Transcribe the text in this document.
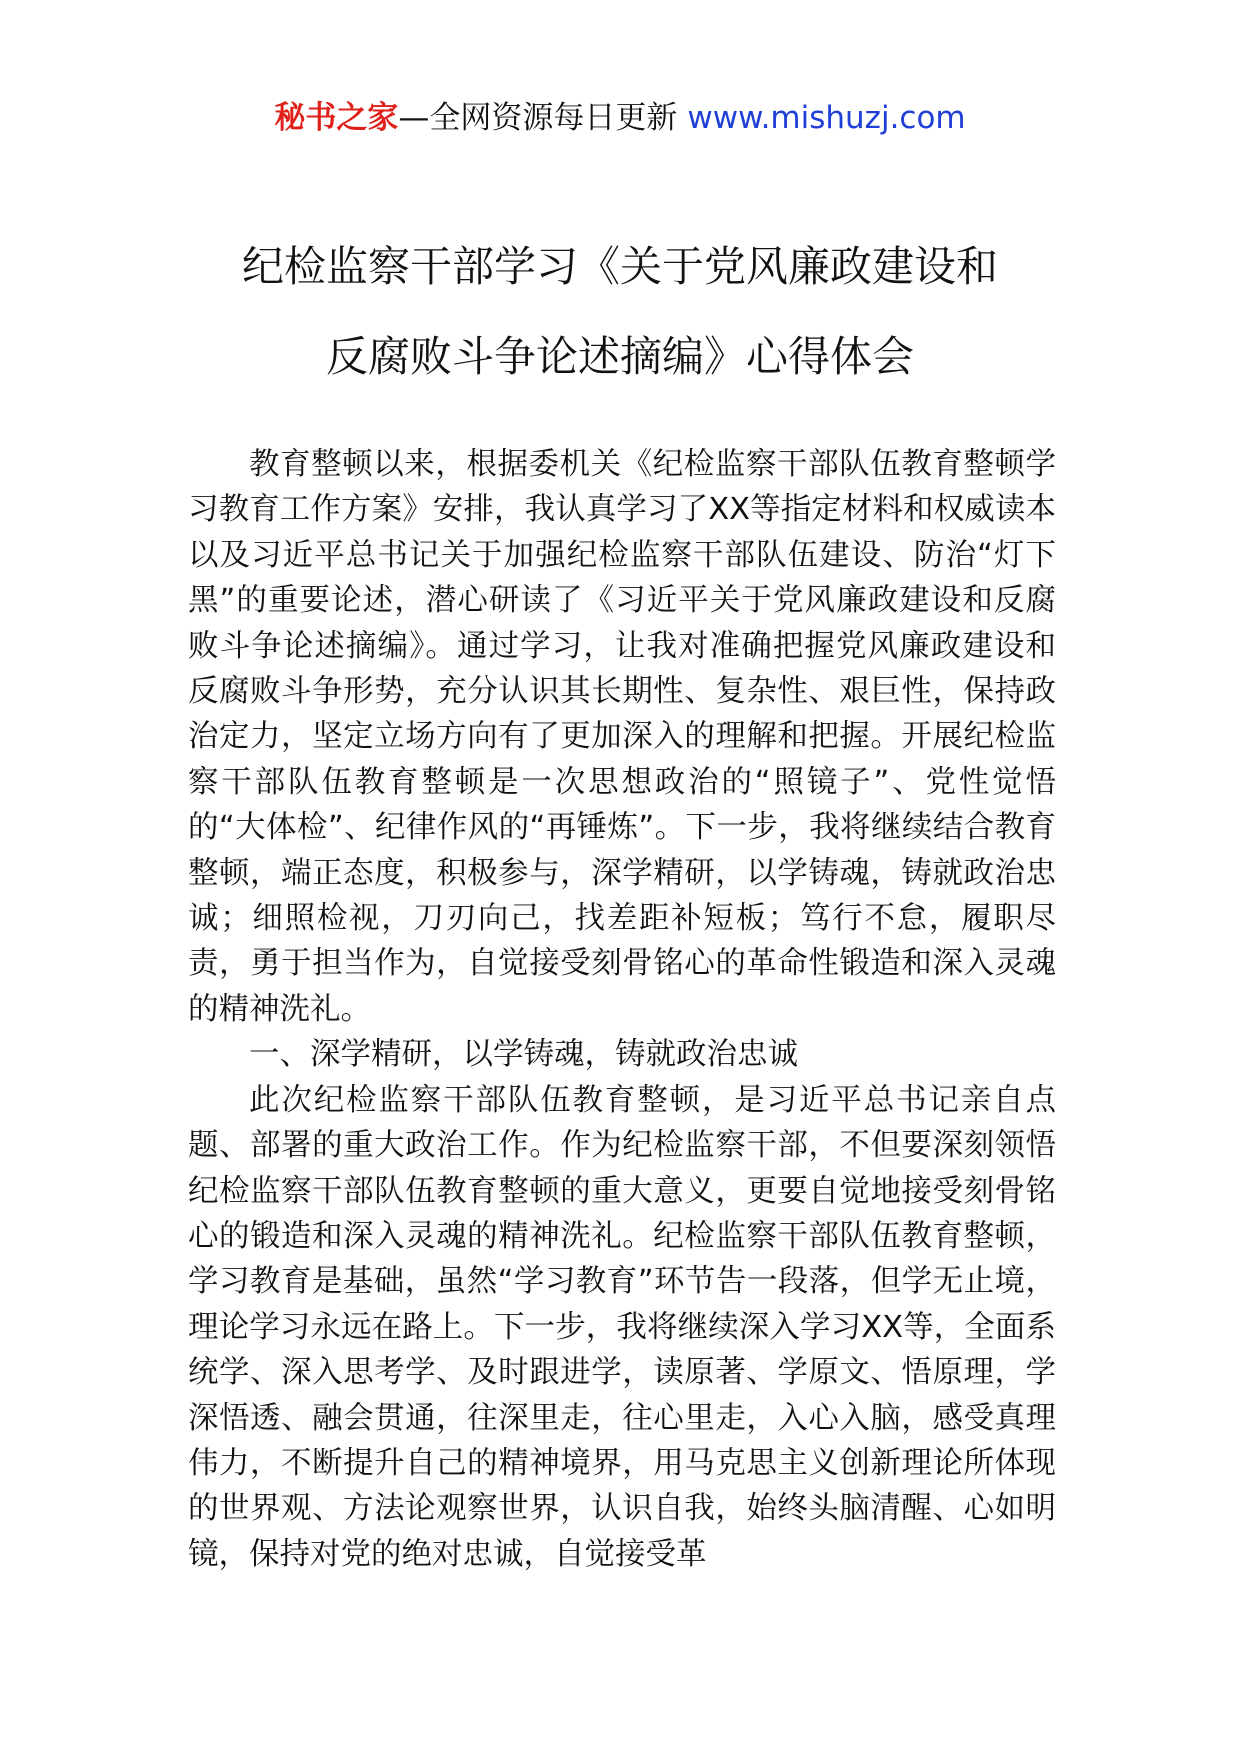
秘书之家—全网资源每日更新 www.mishuzj.com
纪检监察干部学习《关于党风廉政建设和
反腐败斗争论述摘编》心得体会

教育整顿以来，根据委机关《纪检监察干部队伍教育整顿学习教育工作方案》安排，我认真学习了XX等指定材料和权威读本以及习近平总书记关于加强纪检监察干部队伍建设、防治“灯下黑”的重要论述，潜心研读了《习近平关于党风廉政建设和反腐败斗争论述摘编》。通过学习，让我对准确把握党风廉政建设和反腐败斗争形势，充分认识其长期性、复杂性、艰巨性，保持政治定力，坚定立场方向有了更加深入的理解和把握。开展纪检监察干部队伍教育整顿是一次思想政治的“照镜子”、党性觉悟的“大体检”、纪律作风的“再锤炼”。下一步，我将继续结合教育整顿，端正态度，积极参与，深学精研，以学铸魂，铸就政治忠诚；细照检视，刀刃向己，找差距补短板；笃行不怠，履职尽责，勇于担当作为，自觉接受刻骨铭心的革命性锻造和深入灵魂的精神洗礼。

一、深学精研，以学铸魂，铸就政治忠诚

此次纪检监察干部队伍教育整顿，是习近平总书记亲自点题、部署的重大政治工作。作为纪检监察干部，不但要深刻领悟纪检监察干部队伍教育整顿的重大意义，更要自觉地接受刻骨铭心的锻造和深入灵魂的精神洗礼。纪检监察干部队伍教育整顿，学习教育是基础，虽然“学习教育”环节告一段落，但学无止境，理论学习永远在路上。下一步，我将继续深入学习XX等，全面系统学、深入思考学、及时跟进学，读原著、学原文、悟原理，学深悟透、融会贯通，往深里走，往心里走，入心入脑，感受真理伟力，不断提升自己的精神境界，用马克思主义创新理论所体现的世界观、方法论观察世界，认识自我，始终头脑清醒、心如明镜，保持对党的绝对忠诚，自觉接受革
